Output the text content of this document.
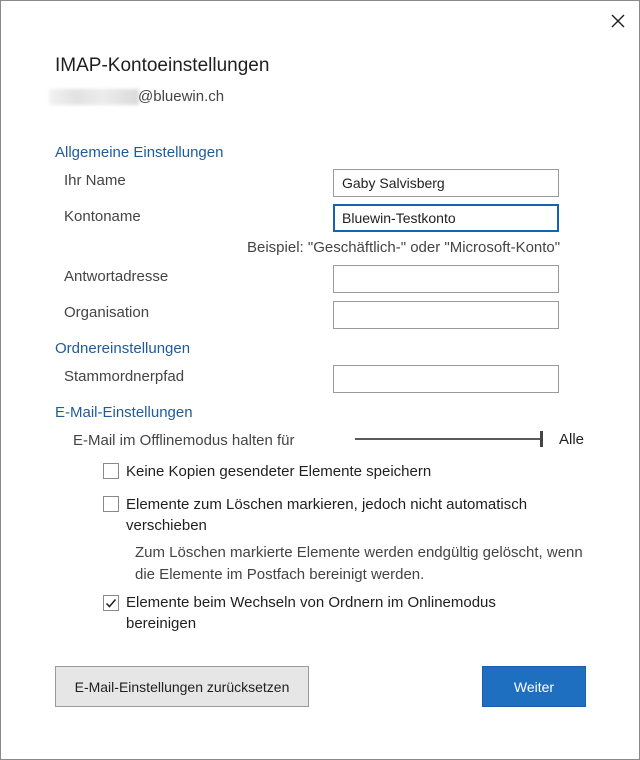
IMAP-Kontoeinstellungen
@bluewin.ch
Allgemeine Einstellungen
Ihr Name
Gaby Salvisberg
Kontoname
Bluewin-Testkonto
Beispiel: "Geschäftlich-" oder "Microsoft-Konto"
Antwortadresse
Organisation
Ordnereinstellungen
Stammordnerpfad
E-Mail-Einstellungen
E-Mail im Offlinemodus halten für	Alle
Keine Kopien gesendeter Elemente speichern
Elemente zum Löschen markieren, jedoch nicht automatisch verschieben
Zum Löschen markierte Elemente werden endgültig gelöscht, wenn die Elemente im Postfach bereinigt werden.
Elemente beim Wechseln von Ordnern im Onlinemodus bereinigen
E-Mail-Einstellungen zurücksetzen	Weiter
